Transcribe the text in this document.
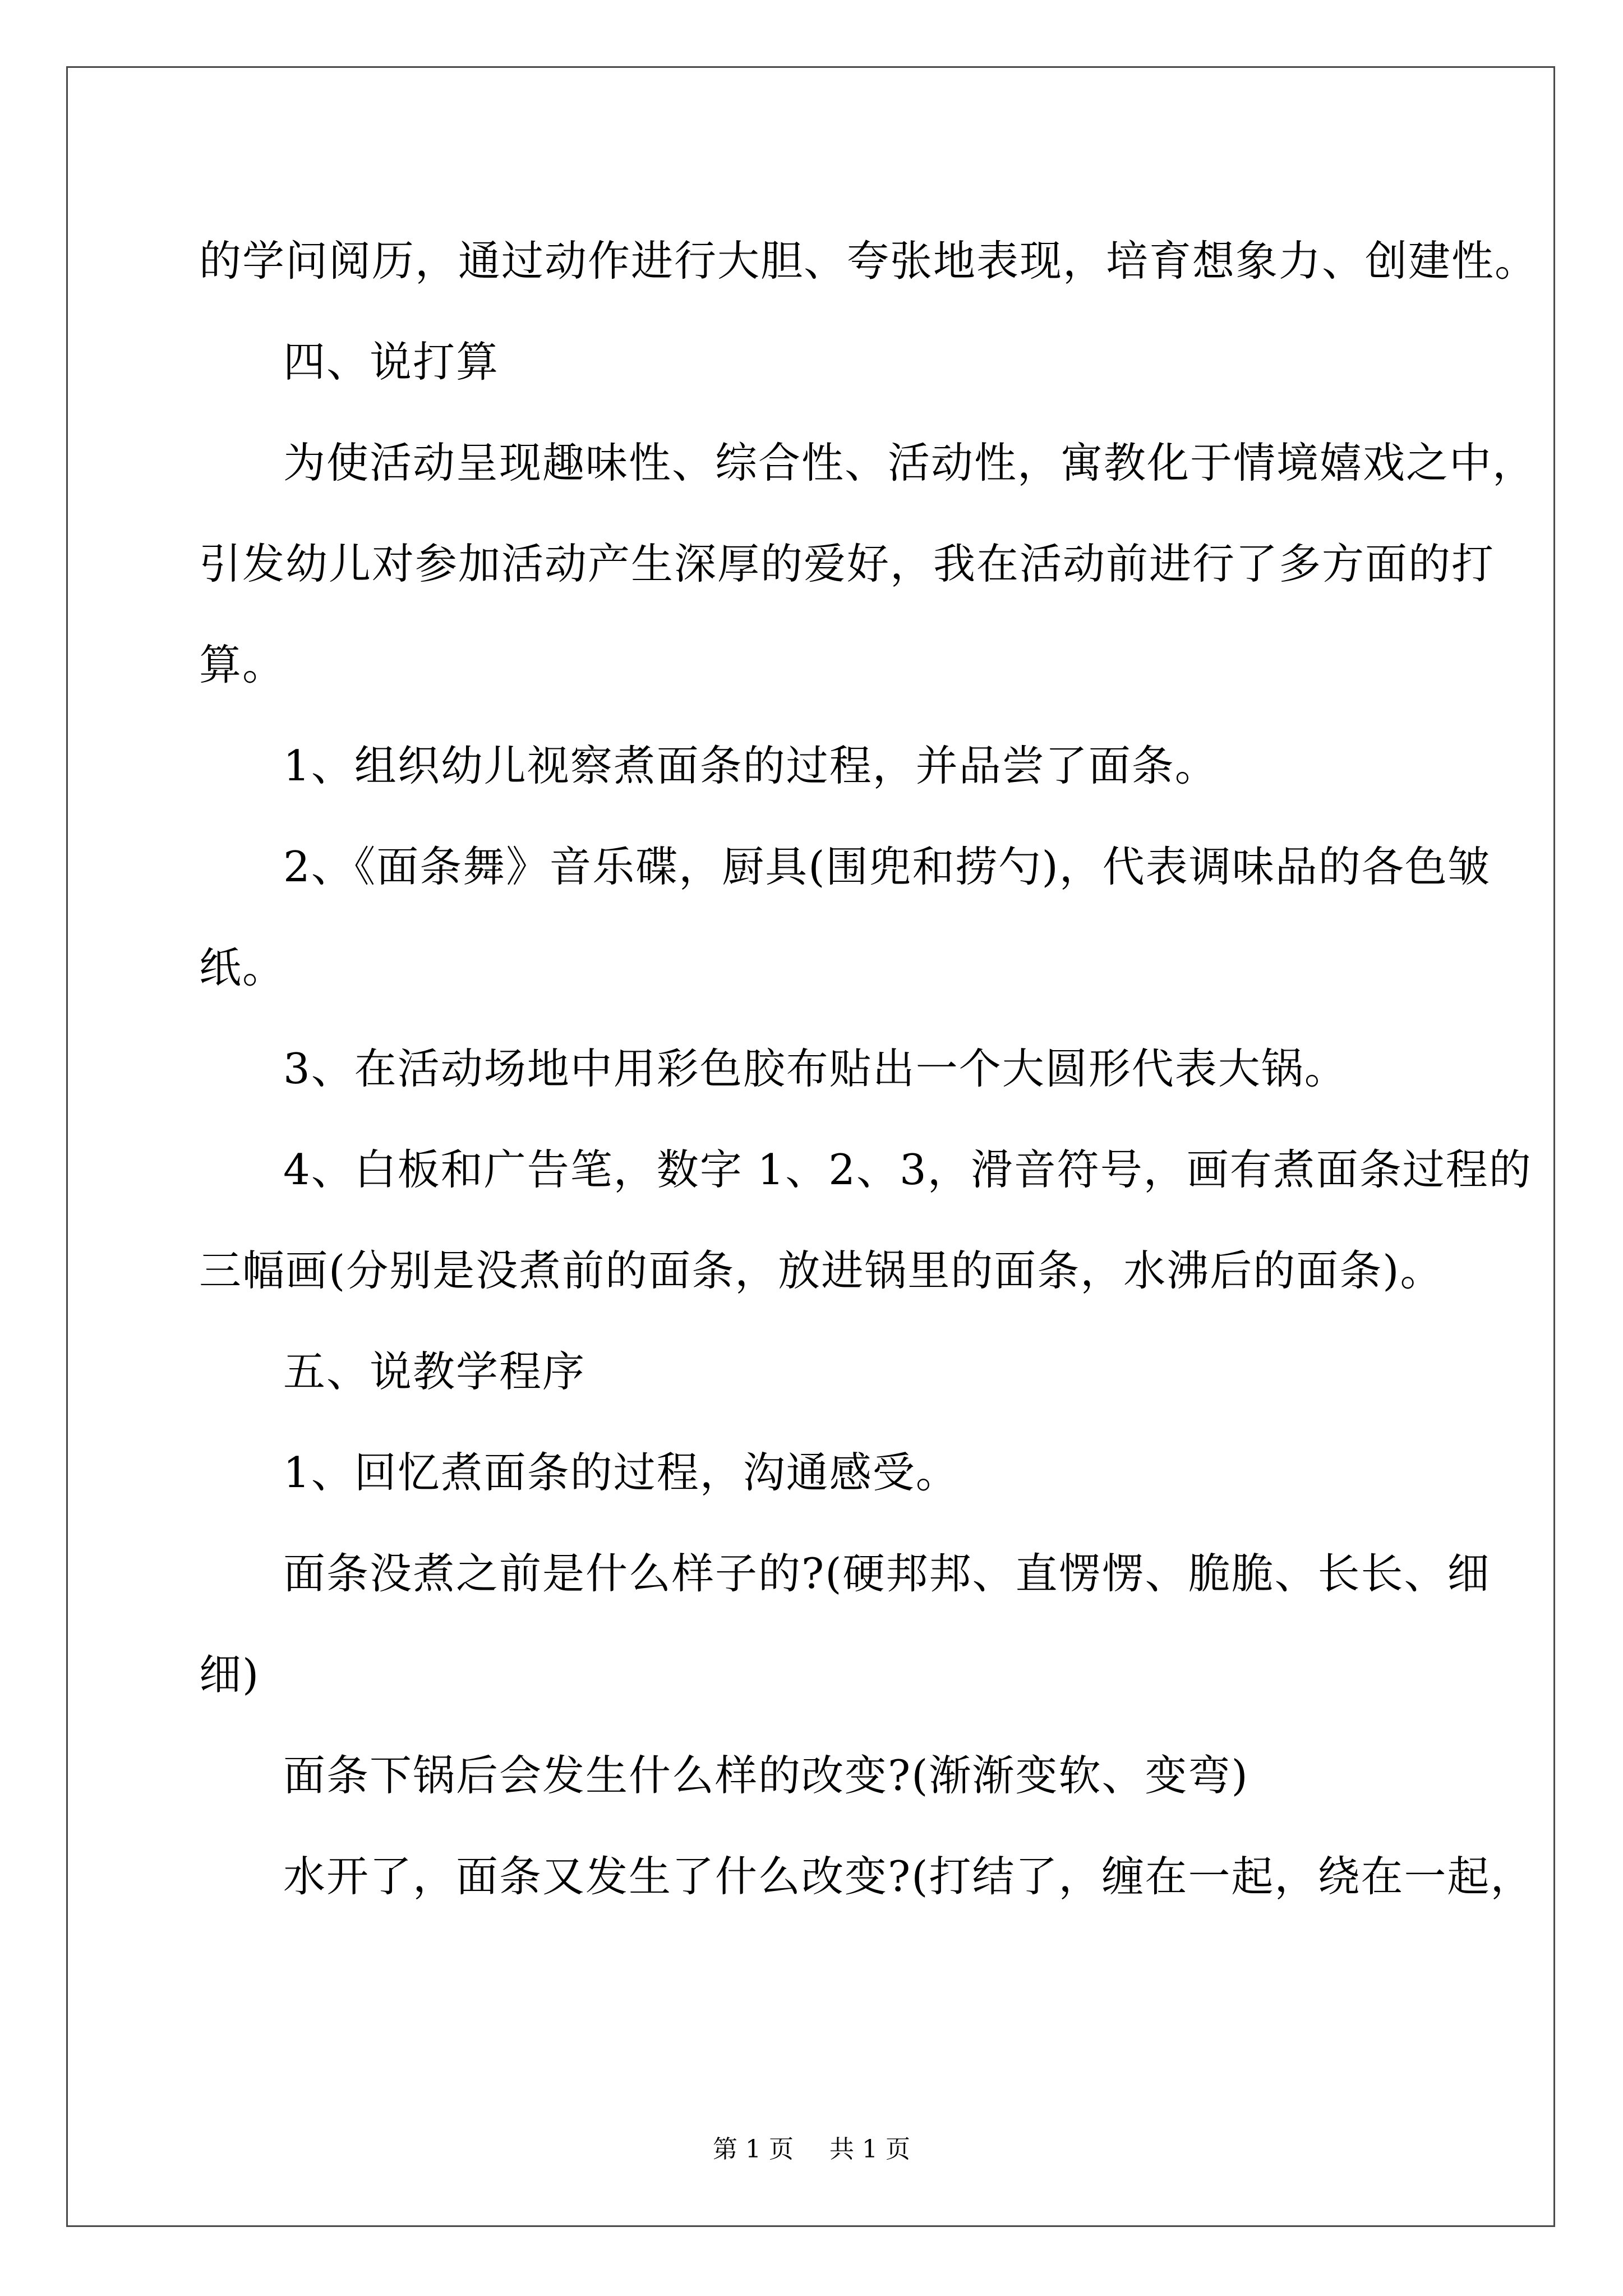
的学问阅历，通过动作进行大胆、夸张地表现，培育想象力、创建性。

四、说打算

为使活动呈现趣味性、综合性、活动性，寓教化于情境嬉戏之中，

引发幼儿对参加活动产生深厚的爱好，我在活动前进行了多方面的打

算。

1、组织幼儿视察煮面条的过程，并品尝了面条。

2、《面条舞》音乐碟，厨具(围兜和捞勺)，代表调味品的各色皱

纸。

3、在活动场地中用彩色胶布贴出一个大圆形代表大锅。

4、白板和广告笔，数字 1、2、3，滑音符号，画有煮面条过程的

三幅画(分别是没煮前的面条，放进锅里的面条，水沸后的面条)。

五、说教学程序

1、回忆煮面条的过程，沟通感受。

面条没煮之前是什么样子的?(硬邦邦、直愣愣、脆脆、长长、细

细)

面条下锅后会发生什么样的改变?(渐渐变软、变弯)

水开了，面条又发生了什么改变?(打结了，缠在一起，绕在一起，

第 1 页 共 1 页
